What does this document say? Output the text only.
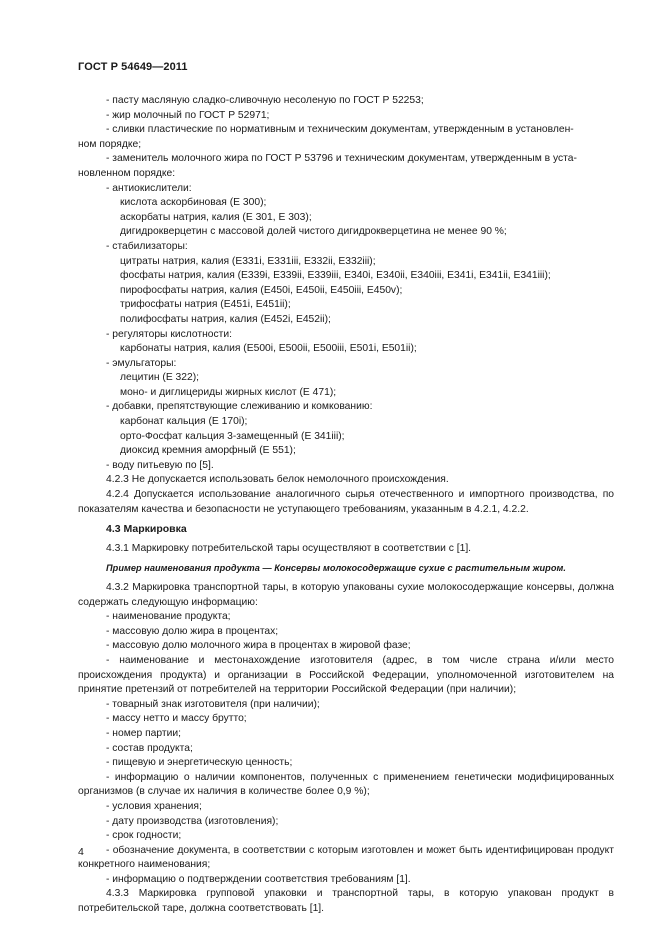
ГОСТ Р 54649—2011

- пасту масляную сладко-сливочную несоленую по ГОСТ Р 52253;

- жир молочный по ГОСТ Р 52971;

- сливки пластические по нормативным и техническим документам, утвержденным в установлен-

ном порядке;

- заменитель молочного жира по ГОСТ Р 53796 и техническим документам, утвержденным в уста-

новленном порядке:

- антиокислители:

кислота аскорбиновая (Е 300);

аскорбаты натрия, калия (Е 301, Е 303);

дигидрокверцетин с массовой долей чистого дигидрокверцетина не менее 90 %;

- стабилизаторы:

цитраты натрия, калия (Е331i, Е331iii, Е332ii, Е332iii);

фосфаты натрия, калия (Е339i, Е339ii, Е339iii, Е340i, Е340ii, Е340iii, Е341i, Е341ii, Е341iii);

пирофосфаты натрия, калия (Е450i, Е450ii, Е450iii, Е450v);

трифосфаты натрия (Е451i, Е451ii);

полифосфаты натрия, калия (Е452i, Е452ii);

- регуляторы кислотности:

карбонаты натрия, калия (Е500i, Е500ii, Е500iii, Е501i, Е501ii);

- эмульгаторы:

лецитин (Е 322);

моно- и диглицериды жирных кислот (Е 471);

- добавки, препятствующие слеживанию и комкованию:

карбонат кальция (Е 170i);

орто-Фосфат кальция 3-замещенный (Е 341iii);

диоксид кремния аморфный (Е 551);

- воду питьевую по [5].

4.2.3 Не допускается использовать белок немолочного происхождения.

4.2.4 Допускается использование аналогичного сырья отечественного и импортного производства, по показателям качества и безопасности не уступающего требованиям, указанным в 4.2.1, 4.2.2.

4.3 Маркировка

4.3.1 Маркировку потребительской тары осуществляют в соответствии с [1].

Пример наименования продукта — Консервы молокосодержащие сухие с растительным жиром.

4.3.2 Маркировка транспортной тары, в которую упакованы сухие молокосодержащие консервы, должна содержать следующую информацию:

- наименование продукта;

- массовую долю жира в процентах;

- массовую долю молочного жира в процентах в жировой фазе;

- наименование и местонахождение изготовителя (адрес, в том числе страна и/или место происхождения продукта) и организации в Российской Федерации, уполномоченной изготовителем на принятие претензий от потребителей на территории Российской Федерации (при наличии);

- товарный знак изготовителя (при наличии);

- массу нетто и массу брутто;

- номер партии;

- состав продукта;

- пищевую и энергетическую ценность;

- информацию о наличии компонентов, полученных с применением генетически модифицированных организмов (в случае их наличия в количестве более 0,9 %);

- условия хранения;

- дату производства (изготовления);

- срок годности;

- обозначение документа, в соответствии с которым изготовлен и может быть идентифицирован продукт конкретного наименования;

- информацию о подтверждении соответствия требованиям [1].

4.3.3 Маркировка групповой упаковки и транспортной тары, в которую упакован продукт в потребительской таре, должна соответствовать [1].

4
